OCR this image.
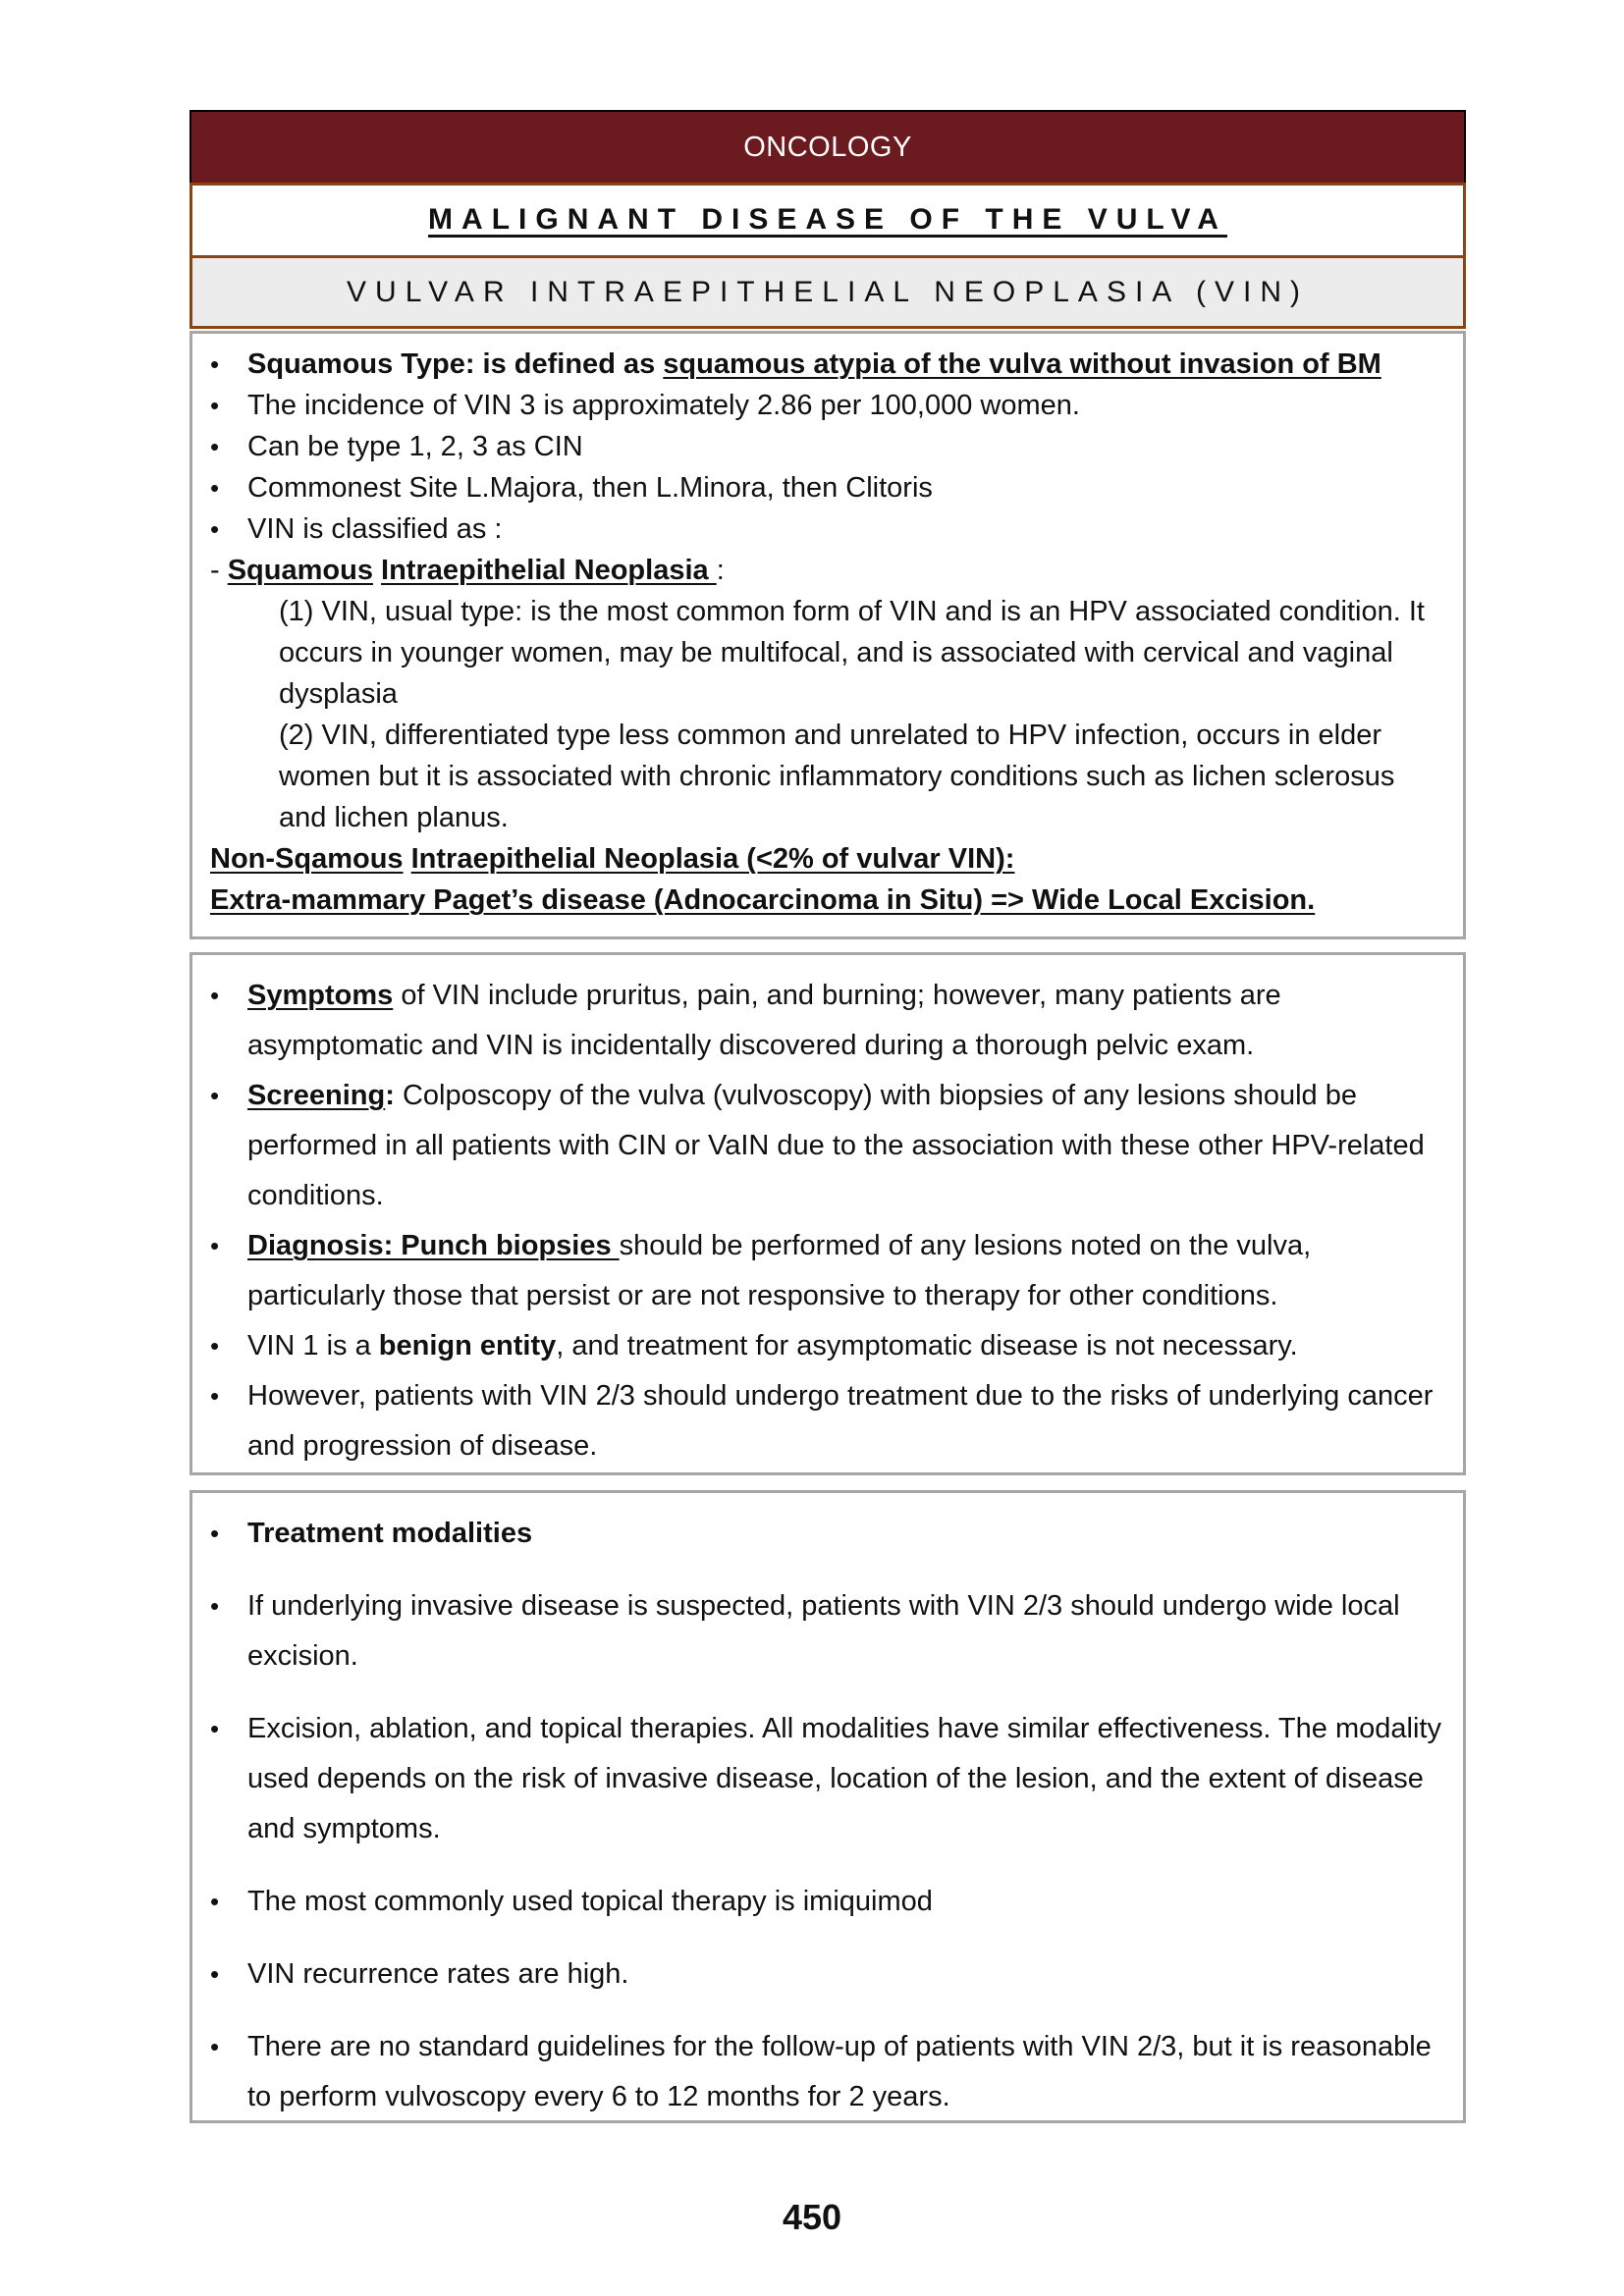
ONCOLOGY
MALIGNANT DISEASE OF THE VULVA
VULVAR INTRAEPITHELIAL NEOPLASIA (VIN)
• Squamous Type: is defined as squamous atypia of the vulva without invasion of BM
• The incidence of VIN 3 is approximately 2.86 per 100,000 women.
• Can be type 1, 2, 3 as CIN
• Commonest Site L.Majora, then L.Minora, then Clitoris
• VIN is classified as :
- Squamous Intraepithelial Neoplasia :
(1) VIN, usual type: is the most common form of VIN and is an HPV associated condition. It occurs in younger women, may be multifocal, and is associated with cervical and vaginal dysplasia
(2) VIN, differentiated type less common and unrelated to HPV infection, occurs in elder women but it is associated with chronic inflammatory conditions such as lichen sclerosus and lichen planus.
Non-Sqamous Intraepithelial Neoplasia (<2% of vulvar VIN):
Extra-mammary Paget’s disease (Adnocarcinoma in Situ) => Wide Local Excision.
• Symptoms of VIN include pruritus, pain, and burning; however, many patients are asymptomatic and VIN is incidentally discovered during a thorough pelvic exam.
• Screening: Colposcopy of the vulva (vulvoscopy) with biopsies of any lesions should be performed in all patients with CIN or VaIN due to the association with these other HPV-related conditions.
• Diagnosis: Punch biopsies should be performed of any lesions noted on the vulva, particularly those that persist or are not responsive to therapy for other conditions.
• VIN 1 is a benign entity, and treatment for asymptomatic disease is not necessary.
• However, patients with VIN 2/3 should undergo treatment due to the risks of underlying cancer and progression of disease.
• Treatment modalities
• If underlying invasive disease is suspected, patients with VIN 2/3 should undergo wide local excision.
• Excision, ablation, and topical therapies. All modalities have similar effectiveness. The modality used depends on the risk of invasive disease, location of the lesion, and the extent of disease and symptoms.
• The most commonly used topical therapy is imiquimod
• VIN recurrence rates are high.
• There are no standard guidelines for the follow-up of patients with VIN 2/3, but it is reasonable to perform vulvoscopy every 6 to 12 months for 2 years.
450
